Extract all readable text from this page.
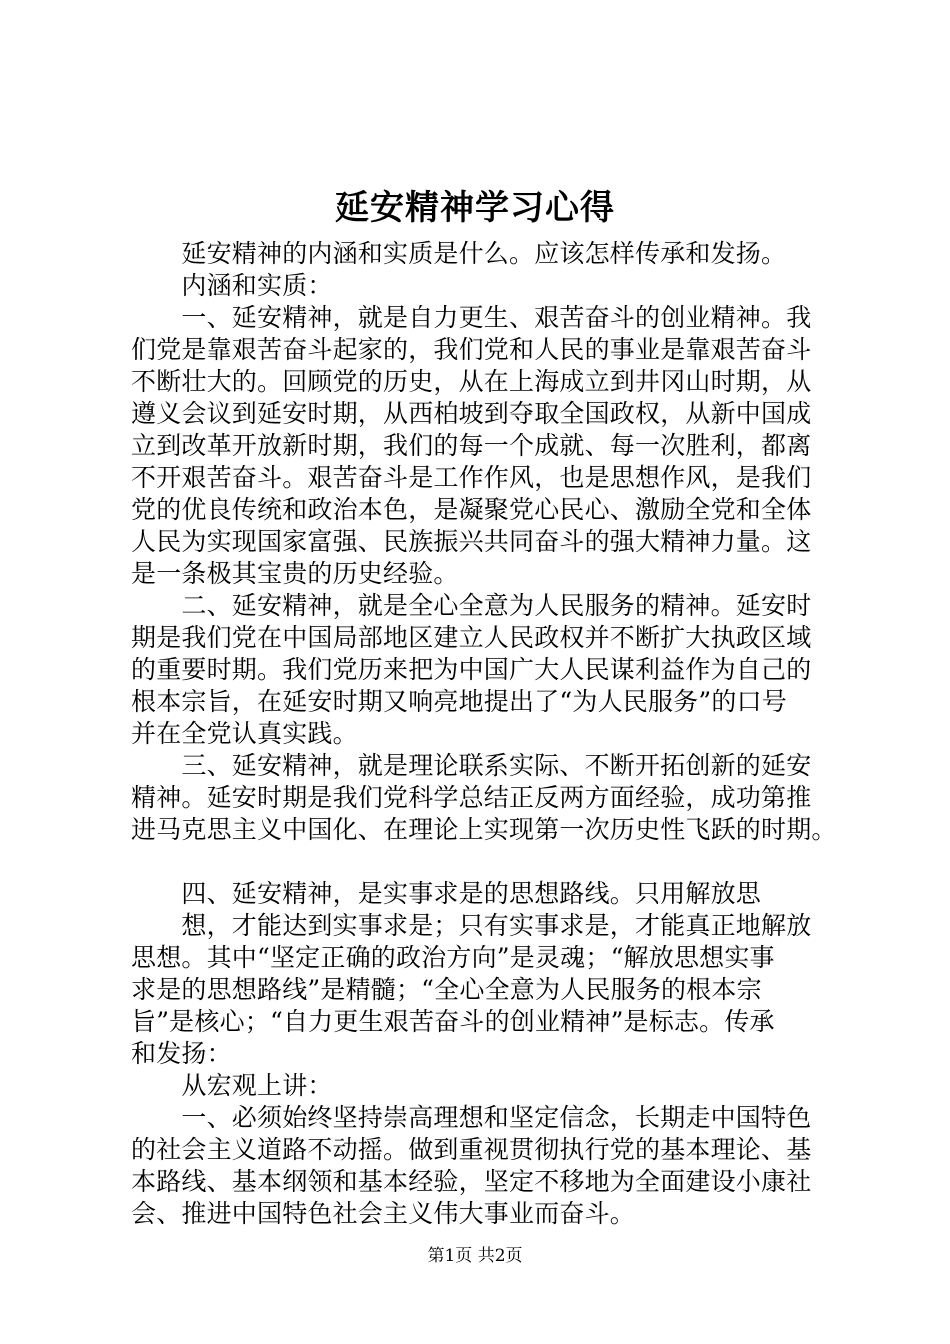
延安精神学习心得
　　延安精神的内涵和实质是什么。应该怎样传承和发扬。
　　内涵和实质：
　　一、延安精神，就是自力更生、艰苦奋斗的创业精神。我
们党是靠艰苦奋斗起家的，我们党和人民的事业是靠艰苦奋斗
不断壮大的。回顾党的历史，从在上海成立到井冈山时期，从
遵义会议到延安时期，从西柏坡到夺取全国政权，从新中国成
立到改革开放新时期，我们的每一个成就、每一次胜利，都离
不开艰苦奋斗。艰苦奋斗是工作作风，也是思想作风，是我们
党的优良传统和政治本色，是凝聚党心民心、激励全党和全体
人民为实现国家富强、民族振兴共同奋斗的强大精神力量。这
是一条极其宝贵的历史经验。
　　二、延安精神，就是全心全意为人民服务的精神。延安时
期是我们党在中国局部地区建立人民政权并不断扩大执政区域
的重要时期。我们党历来把为中国广大人民谋利益作为自己的
根本宗旨，在延安时期又响亮地提出了“为人民服务”的口号
并在全党认真实践。
　　三、延安精神，就是理论联系实际、不断开拓创新的延安
精神。延安时期是我们党科学总结正反两方面经验，成功第推
进马克思主义中国化、在理论上实现第一次历史性飞跃的时期。
　　四、延安精神，是实事求是的思想路线。只用解放思
　　想，才能达到实事求是；只有实事求是，才能真正地解放
思想。其中“坚定正确的政治方向”是灵魂；“解放思想实事
求是的思想路线”是精髓；“全心全意为人民服务的根本宗
旨”是核心；“自力更生艰苦奋斗的创业精神”是标志。传承
和发扬：
　　从宏观上讲：
　　一、必须始终坚持崇高理想和坚定信念，长期走中国特色
的社会主义道路不动摇。做到重视贯彻执行党的基本理论、基
本路线、基本纲领和基本经验，坚定不移地为全面建设小康社
会、推进中国特色社会主义伟大事业而奋斗。
第1页 共2页
